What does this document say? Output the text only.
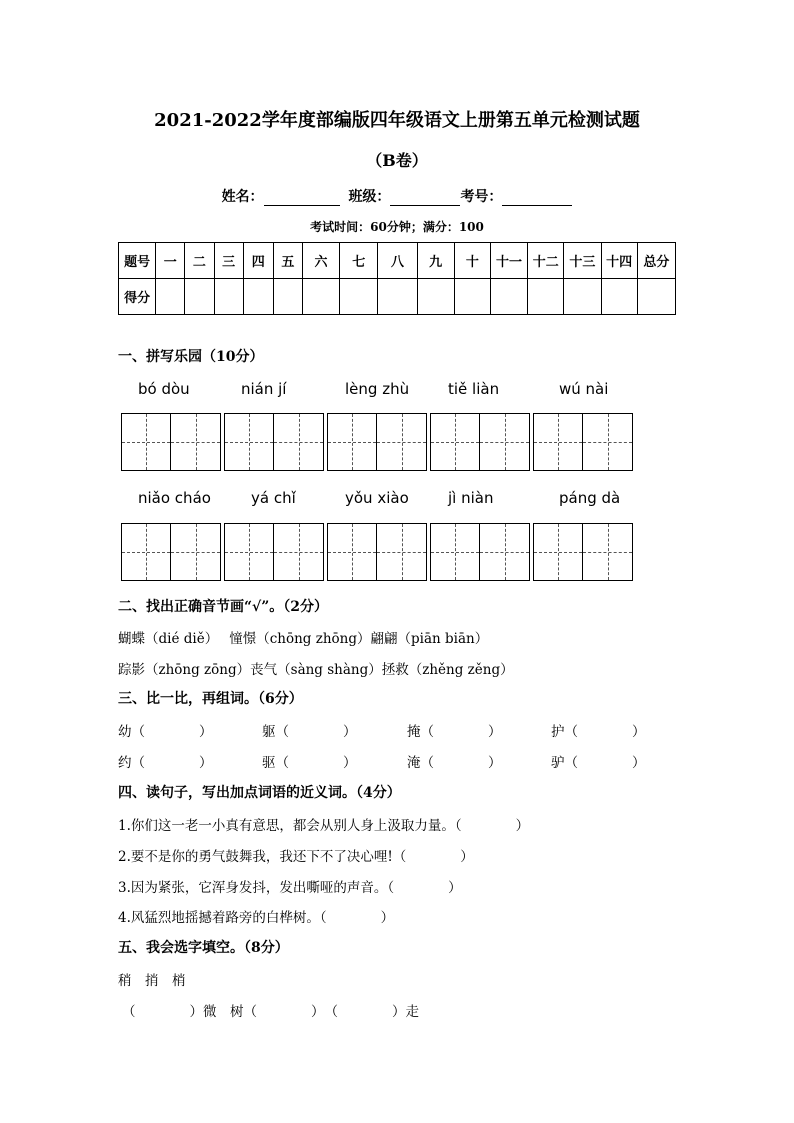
2021-2022学年度部编版四年级语文上册第五单元检测试题
（B卷）
姓名：	班级：	考号：
考试时间：60分钟；满分：100
题号	一	二	三	四	五	六	七	八	九	十	十一	十二	十三	十四	总分
得分															
一、拼写乐园（10分）
bó dòu	nián jí	lèng zhù	tiě liàn	wú nài
niǎo cháo	yá chǐ	yǒu xiào	jì niàn	páng dà
二、找出正确音节画“√”。（2分）
蝴蝶（dié diě）　 憧憬（chōng zhōng）翩翩（piān biān）
踪影（zhōng zōng）丧气（sàng shàng）拯救（zhěng zěng）
三、比一比，再组词。（6分）
幼（　　　　）	躯（　　　　）	掩（　　　　）	护（　　　　）
约（　　　　）	驱（　　　　）	淹（　　　　）	驴（　　　　）
四、读句子，写出加点词语的近义词。（4分）
1.你们这一老一小真有意思，都会从别人身上汲取力量。（　　　　）
2.要不是你的勇气鼓舞我，我还下不了决心哩!（　　　　）
3.因为紧张，它浑身发抖，发出嘶哑的声音。（　　　　）
4.风猛烈地摇撼着路旁的白桦树。（　　　　）
五、我会选字填空。（8分）
稍　捎　梢
（　　　　）微　树（　　　　）　（　　　　）走
